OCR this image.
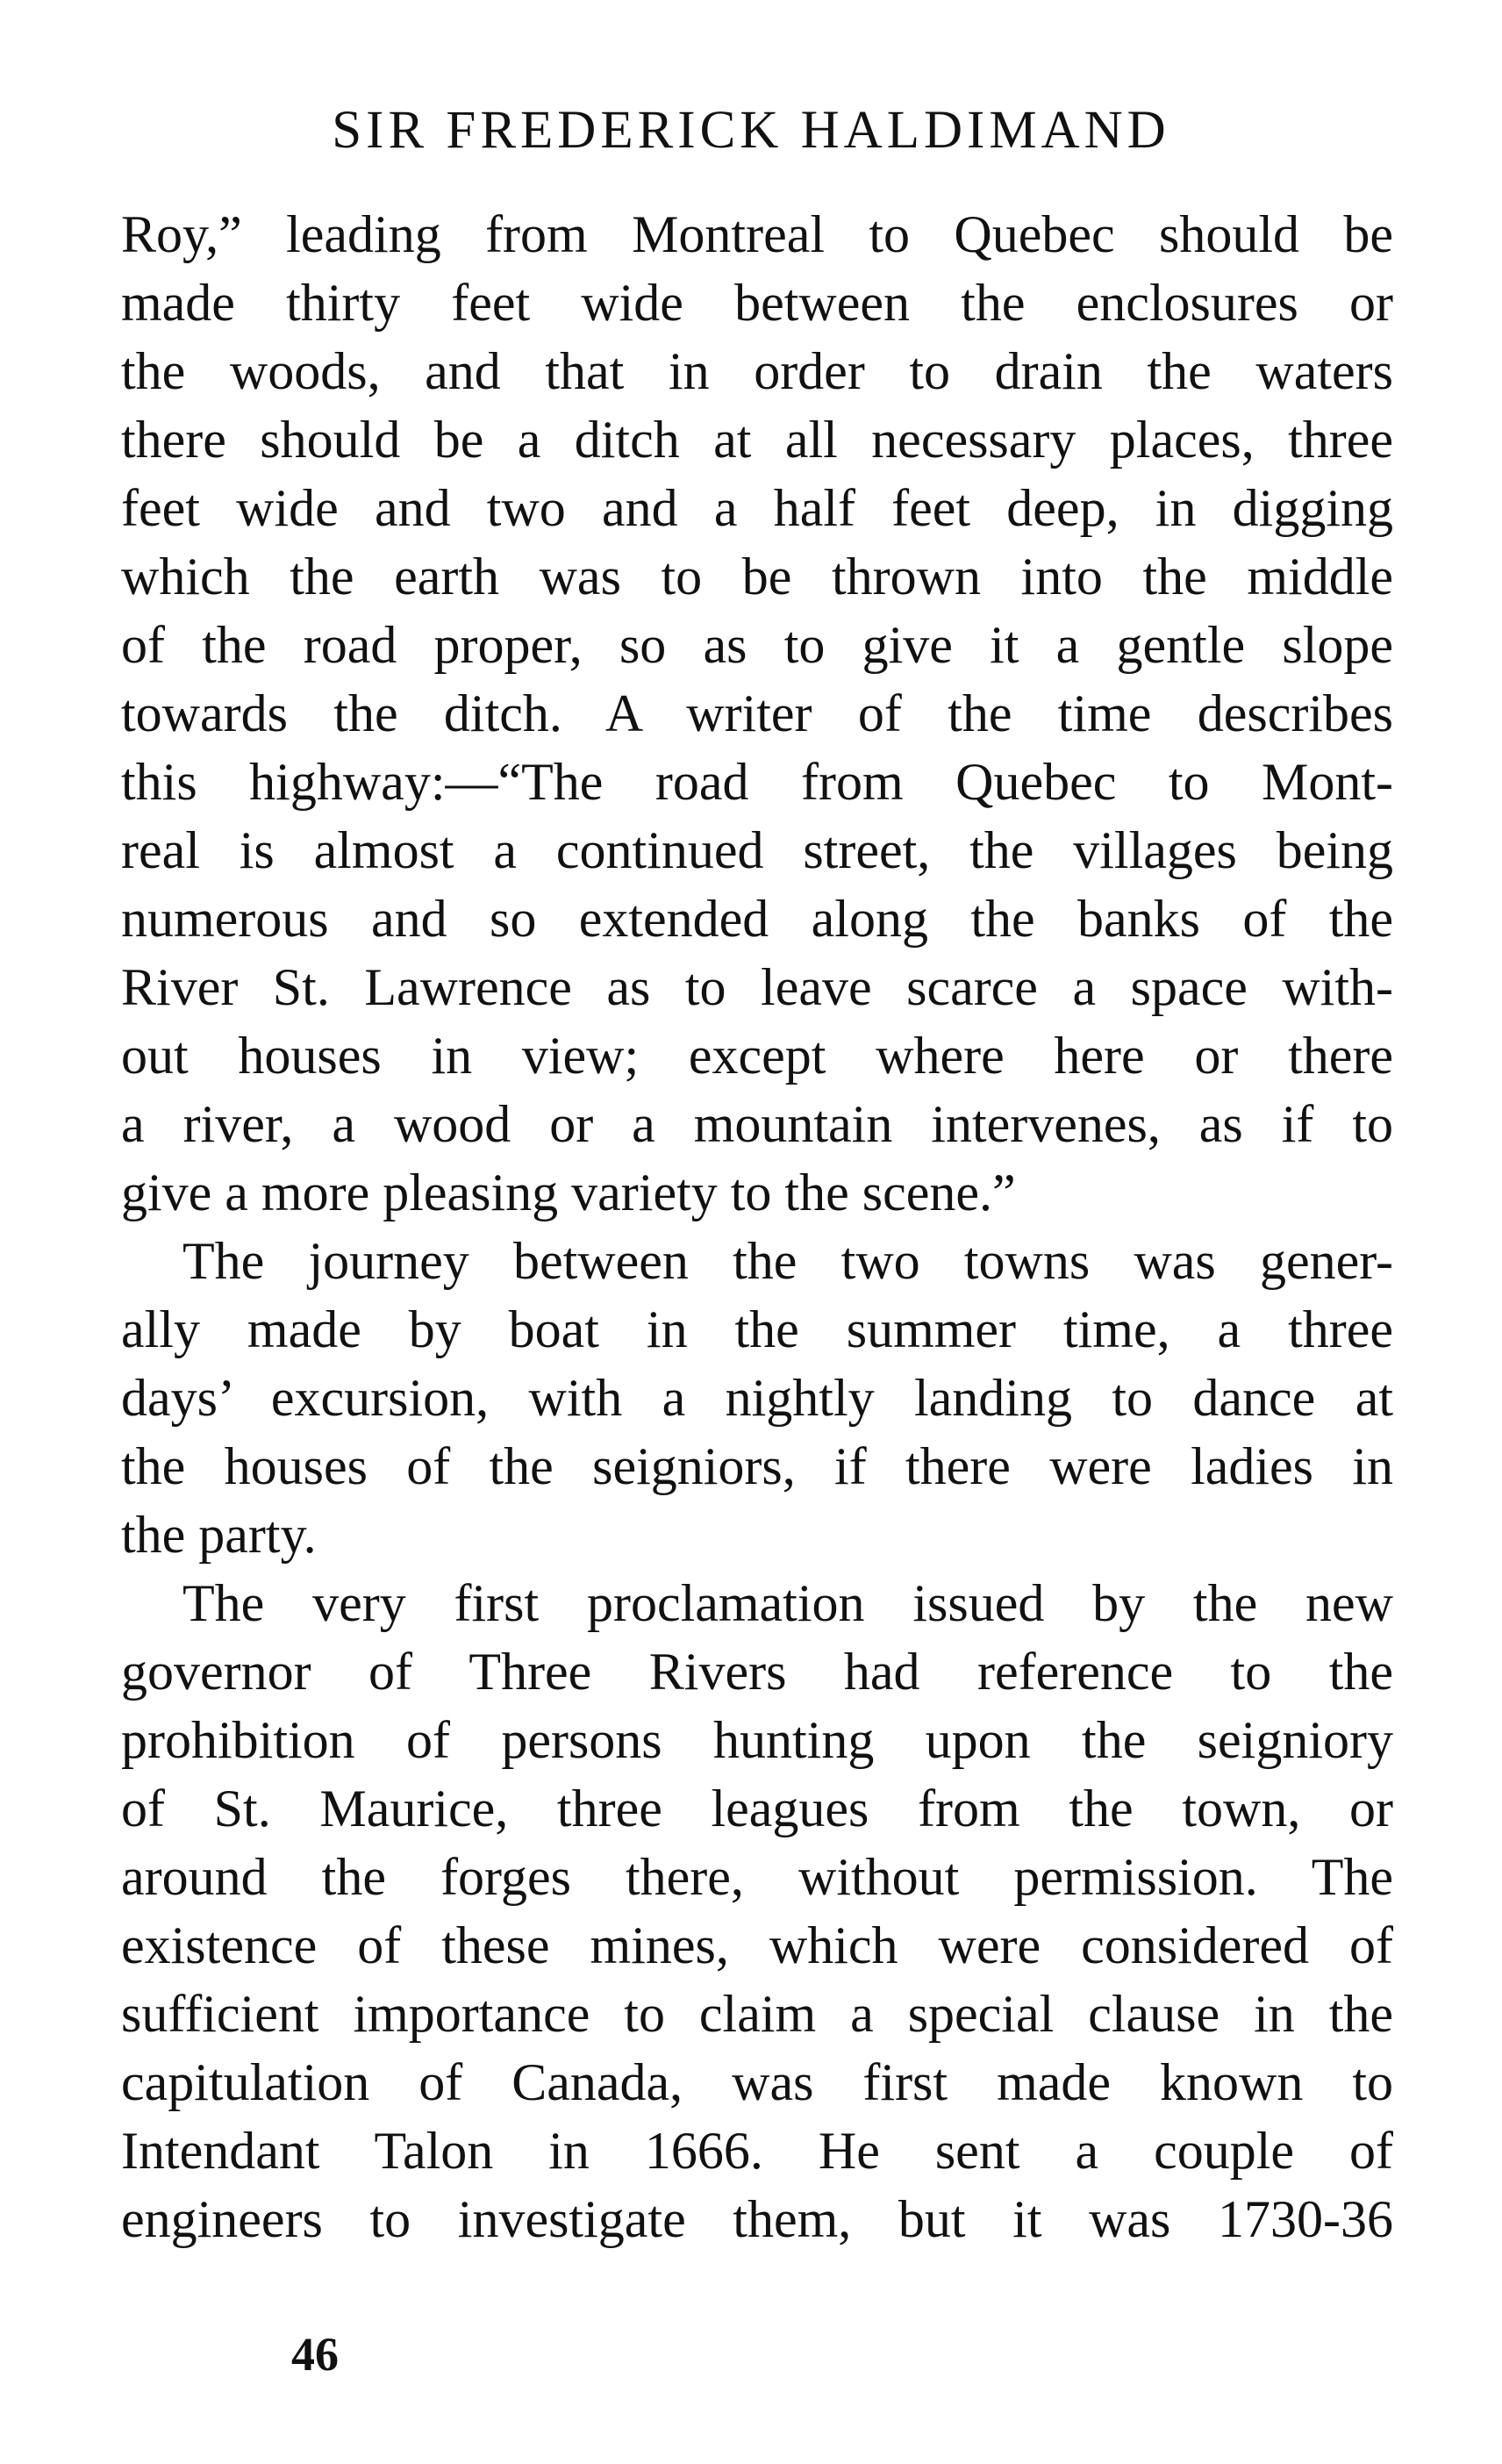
SIR FREDERICK HALDIMAND
Roy,” leading from Montreal to Quebec should be
made thirty feet wide between the enclosures or
the woods, and that in order to drain the waters
there should be a ditch at all necessary places, three
feet wide and two and a half feet deep, in digging
which the earth was to be thrown into the middle
of the road proper, so as to give it a gentle slope
towards the ditch. A writer of the time describes
this highway:—“The road from Quebec to Mont-
real is almost a continued street, the villages being
numerous and so extended along the banks of the
River St. Lawrence as to leave scarce a space with-
out houses in view; except where here or there
a river, a wood or a mountain intervenes, as if to
give a more pleasing variety to the scene.”
The journey between the two towns was gener-
ally made by boat in the summer time, a three
days’ excursion, with a nightly landing to dance at
the houses of the seigniors, if there were ladies in
the party.
The very first proclamation issued by the new
governor of Three Rivers had reference to the
prohibition of persons hunting upon the seigniory
of St. Maurice, three leagues from the town, or
around the forges there, without permission. The
existence of these mines, which were considered of
sufficient importance to claim a special clause in the
capitulation of Canada, was first made known to
Intendant Talon in 1666. He sent a couple of
engineers to investigate them, but it was 1730-36
46
